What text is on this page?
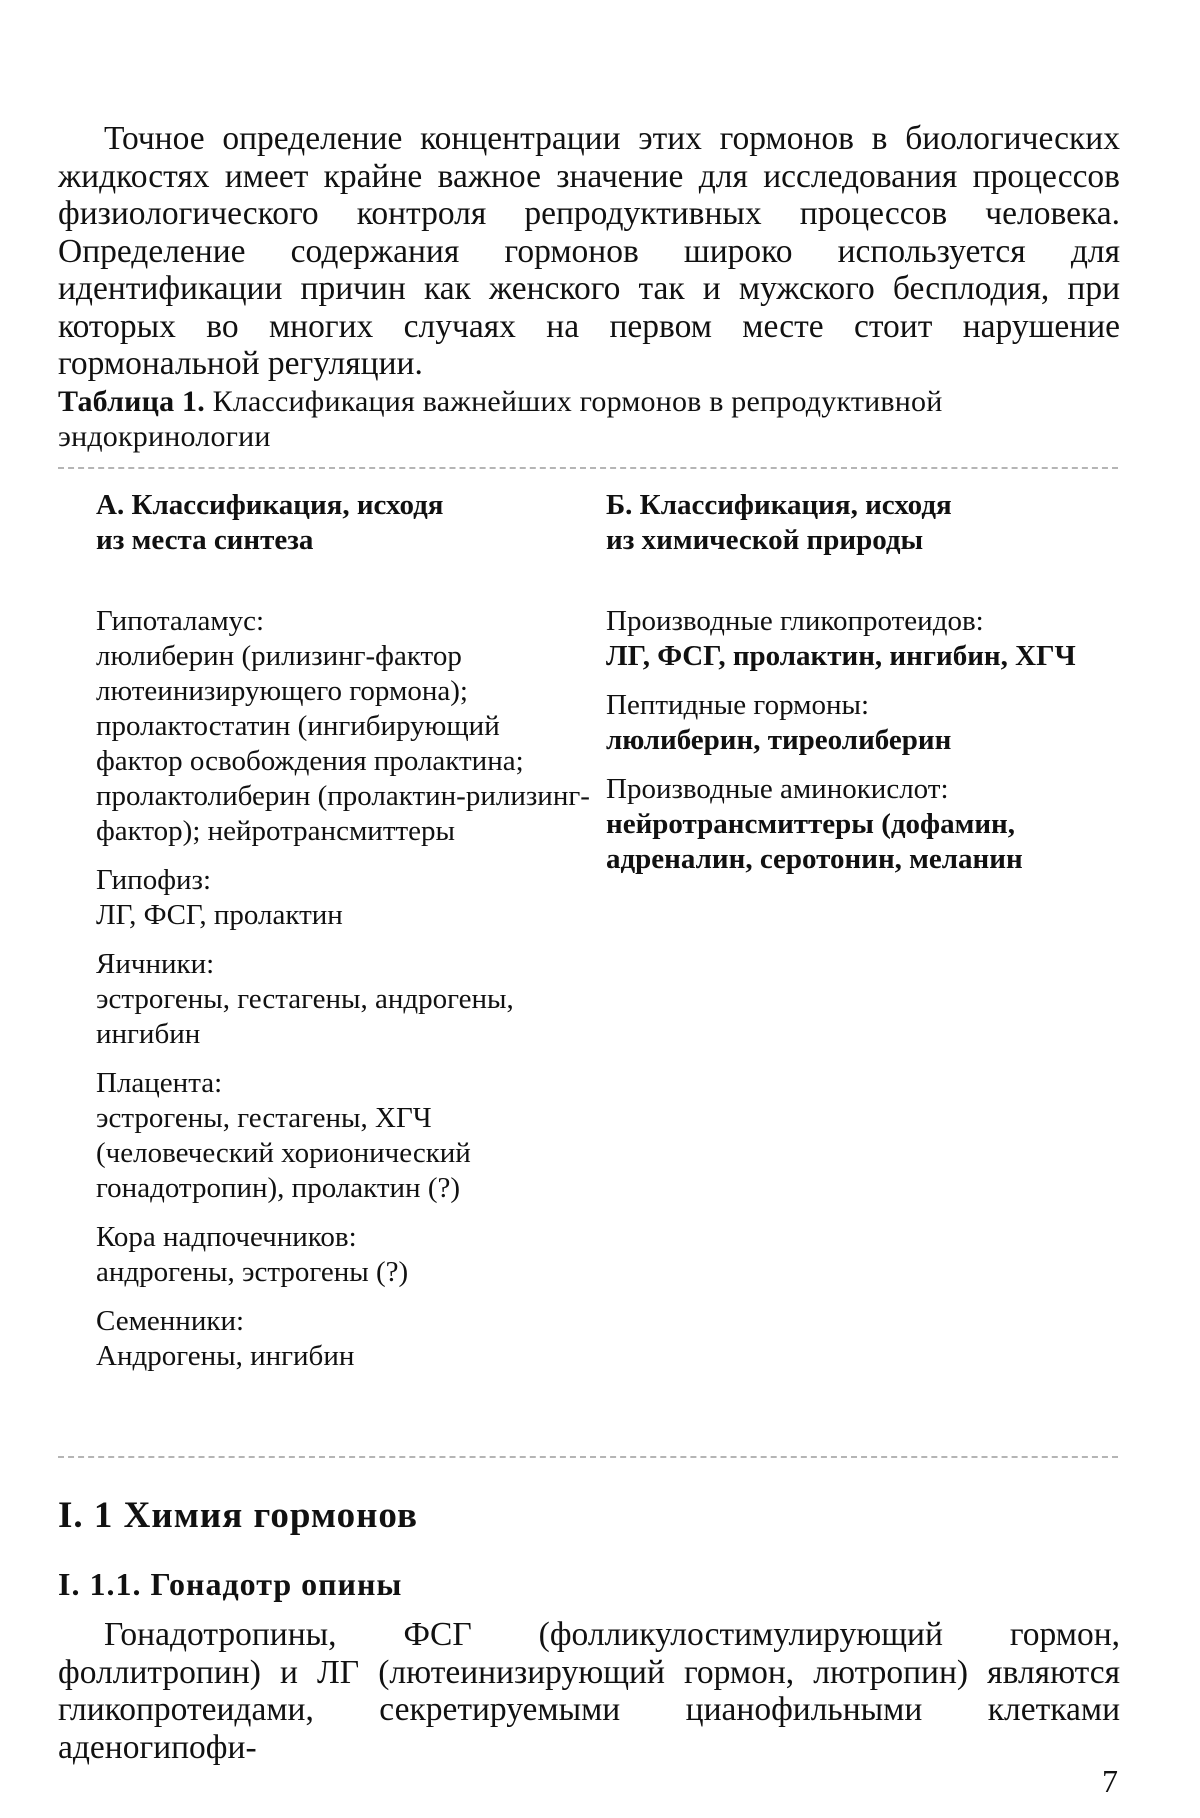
Точное определение концентрации этих гормонов в биологических жидкостях имеет крайне важное значение для исследования процессов физиологического контроля репродуктивных процессов человека. Определение содержания гормонов широко используется для идентификации причин как женского так и мужского бесплодия, при которых во многих случаях на первом месте стоит нарушение гормональной регуляции.

Таблица 1. Классификация важнейших гормонов в репродуктивной эндокринологии

А. Классификация, исходя
из места синтеза

Гипоталамус:
люлиберин (рилизинг-фактор лютеинизирующего гормона); пролактостатин (ингибирующий фактор освобождения пролактина; пролактолиберин (пролактин-рилизинг-фактор); нейротрансмиттеры
Гипофиз:
ЛГ, ФСГ, пролактин
Яичники:
эстрогены, гестагены, андрогены, ингибин
Плацента:
эстрогены, гестагены, ХГЧ (человеческий хорионический гонадотропин), пролактин (?)
Кора надпочечников:
андрогены, эстрогены (?)
Семенники:
Андрогены, ингибин

Б. Классификация, исходя
из химической природы

Производные гликопротеидов:
ЛГ, ФСГ, пролактин, ингибин, ХГЧ
Пептидные гормоны:
люлиберин, тиреолиберин
Производные аминокислот:
нейротрансмиттеры (дофамин, адреналин, серотонин, меланин
I. 1 Химия гормонов
I. 1.1. Гонадотр опины

Гонадотропины, ФСГ (фолликулостимулирующий гормон, фоллитропин) и ЛГ (лютеинизирующий гормон, лютропин) являются гликопротеидами, секретируемыми цианофильными клетками аденогипофи-

7
